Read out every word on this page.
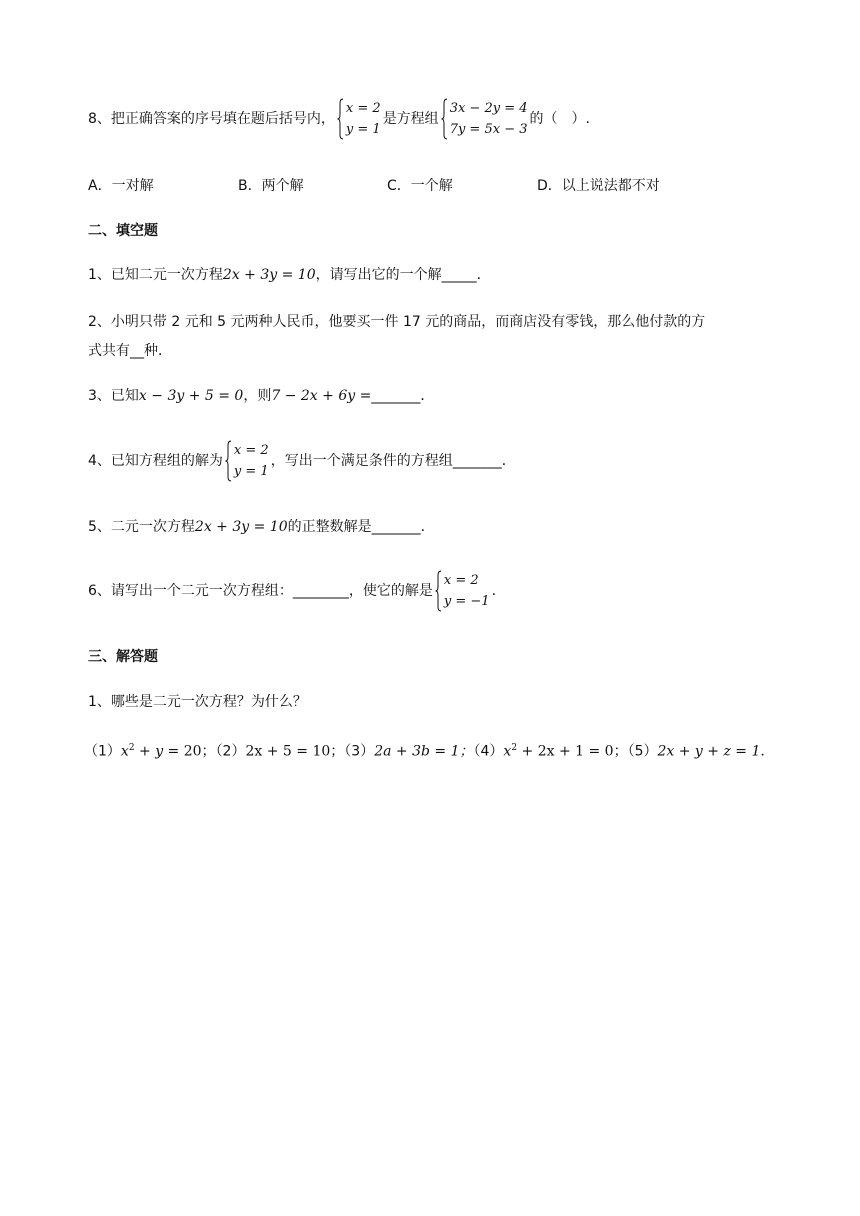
8、把正确答案的序号填在题后括号内，
x = 2
y = 1
是方程组
3x − 2y = 4
7y = 5x − 3
的（　）.
A．一对解	B．两个解	C．一个解	D．以上说法都不对
二、填空题
1、已知二元一次方程2x + 3y = 10，请写出它的一个解_____．
2、小明只带 2 元和 5 元两种人民币，他要买一件 17 元的商品，而商店没有零钱，那么他付款的方
式共有__种．
3、已知x − 3y + 5 = 0，则7 − 2x + 6y =_______．
4、已知方程组的解为
x = 2
y = 1
，写出一个满足条件的方程组_______．
5、二元一次方程2x + 3y = 10的正整数解是_______．
6、请写出一个二元一次方程组：________，使它的解是
x = 2
y = −1
.
三、解答题
1、哪些是二元一次方程？为什么？
$(1)x^2 + y = 20$；（2）2x + 5 = 10；（3）2a + 3b = 1；$(4)x^2 + 2x + 1 = 0$；（5）2x + y + z = 1.
